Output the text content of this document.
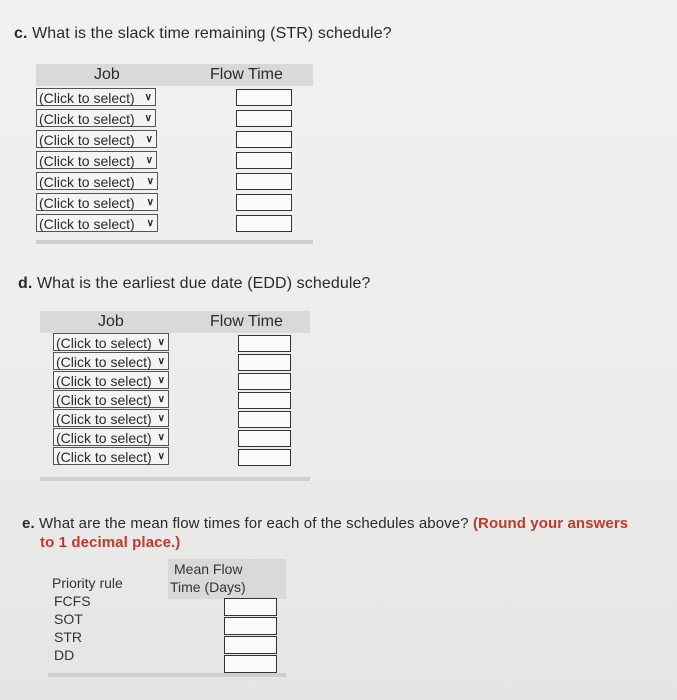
c. What is the slack time remaining (STR) schedule?
Job	Flow Time
(Click to select) ∨
(Click to select) ∨
(Click to select) ∨
(Click to select) ∨
(Click to select) ∨
(Click to select) ∨
(Click to select) ∨
d. What is the earliest due date (EDD) schedule?
Job	Flow Time
(Click to select) ∨
(Click to select) ∨
(Click to select) ∨
(Click to select) ∨
(Click to select) ∨
(Click to select) ∨
(Click to select) ∨
e. What are the mean flow times for each of the schedules above? (Round your answers
to 1 decimal place.)
Mean Flow
Time (Days)
Priority rule
FCFS
SOT
STR
DD
